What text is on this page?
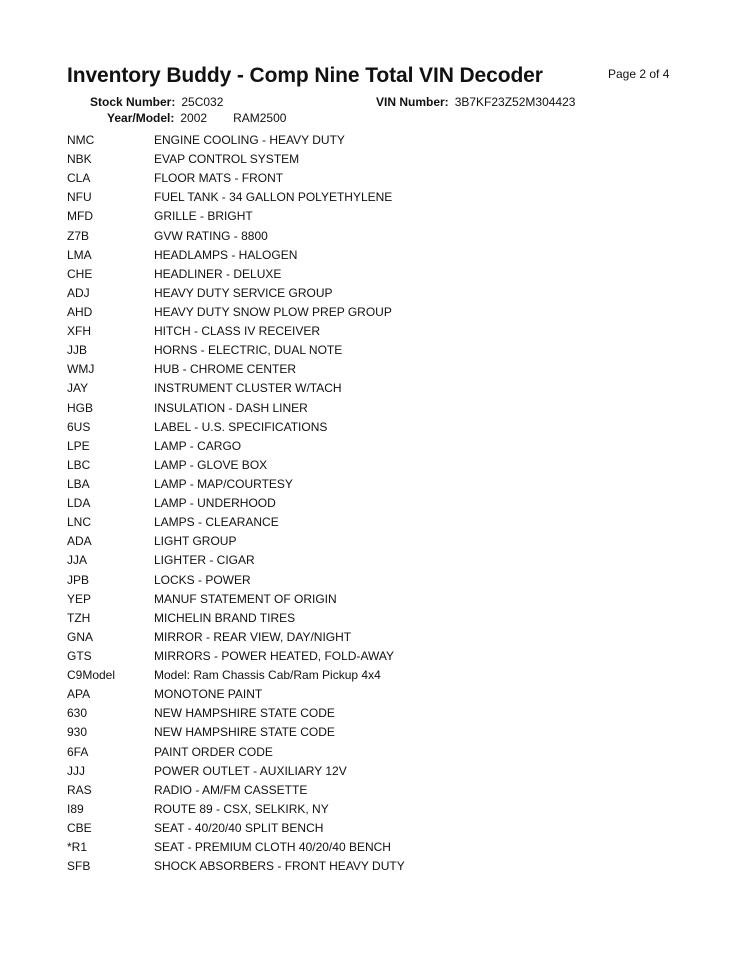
Inventory Buddy - Comp Nine Total VIN Decoder	Page 2 of 4
Stock Number: 25C032	VIN Number: 3B7KF23Z52M304423
Year/Model: 2002 RAM2500
NMC	ENGINE COOLING - HEAVY DUTY
NBK	EVAP CONTROL SYSTEM
CLA	FLOOR MATS - FRONT
NFU	FUEL TANK - 34 GALLON POLYETHYLENE
MFD	GRILLE - BRIGHT
Z7B	GVW RATING - 8800
LMA	HEADLAMPS - HALOGEN
CHE	HEADLINER - DELUXE
ADJ	HEAVY DUTY SERVICE GROUP
AHD	HEAVY DUTY SNOW PLOW PREP GROUP
XFH	HITCH - CLASS IV RECEIVER
JJB	HORNS - ELECTRIC, DUAL NOTE
WMJ	HUB - CHROME CENTER
JAY	INSTRUMENT CLUSTER W/TACH
HGB	INSULATION - DASH LINER
6US	LABEL - U.S. SPECIFICATIONS
LPE	LAMP - CARGO
LBC	LAMP - GLOVE BOX
LBA	LAMP - MAP/COURTESY
LDA	LAMP - UNDERHOOD
LNC	LAMPS - CLEARANCE
ADA	LIGHT GROUP
JJA	LIGHTER - CIGAR
JPB	LOCKS - POWER
YEP	MANUF STATEMENT OF ORIGIN
TZH	MICHELIN BRAND TIRES
GNA	MIRROR - REAR VIEW, DAY/NIGHT
GTS	MIRRORS - POWER HEATED, FOLD-AWAY
C9Model	Model: Ram Chassis Cab/Ram Pickup 4x4
APA	MONOTONE PAINT
630	NEW HAMPSHIRE STATE CODE
930	NEW HAMPSHIRE STATE CODE
6FA	PAINT ORDER CODE
JJJ	POWER OUTLET - AUXILIARY 12V
RAS	RADIO - AM/FM CASSETTE
I89	ROUTE 89 - CSX, SELKIRK, NY
CBE	SEAT - 40/20/40 SPLIT BENCH
*R1	SEAT - PREMIUM CLOTH 40/20/40 BENCH
SFB	SHOCK ABSORBERS - FRONT HEAVY DUTY
